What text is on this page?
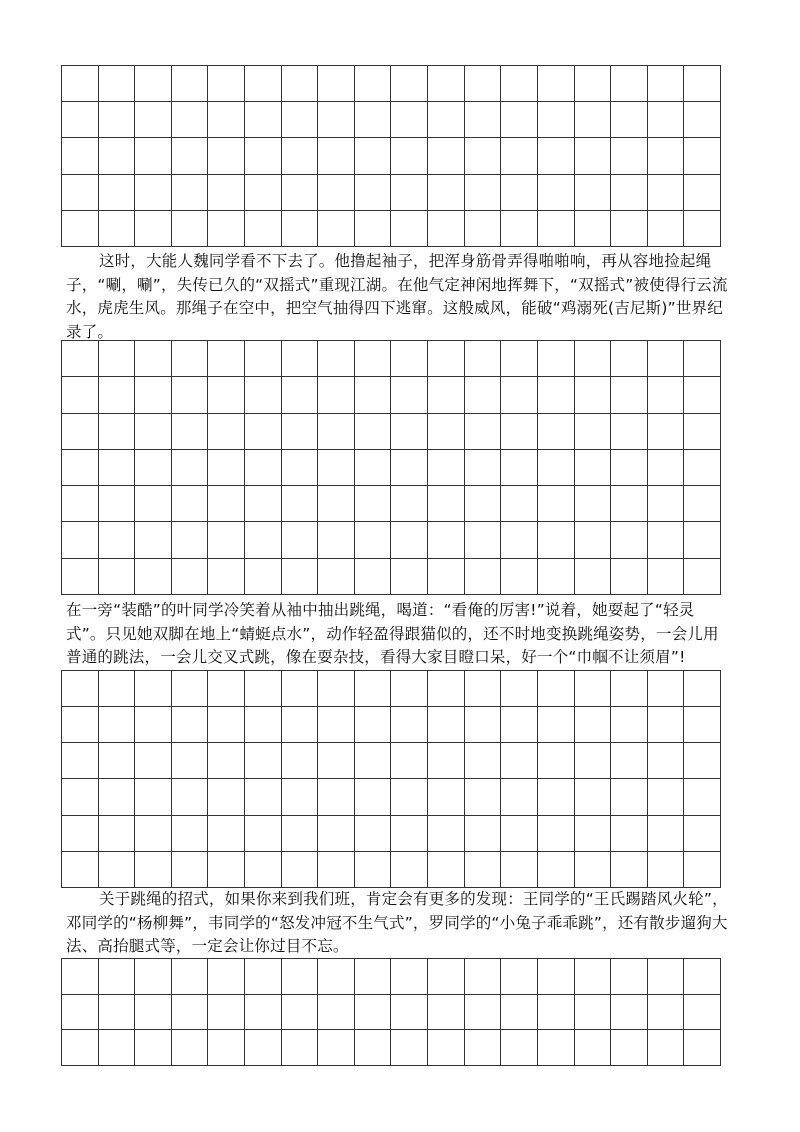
这时，大能人魏同学看不下去了。他撸起袖子，把浑身筋骨弄得啪啪响，再从容地捡起绳子，“唰，唰”，失传已久的“双摇式”重现江湖。在他气定神闲地挥舞下，“双摇式”被使得行云流水，虎虎生风。那绳子在空中，把空气抽得四下逃窜。这般威风，能破“鸡溺死(吉尼斯)”世界纪录了。

在一旁“装酷”的叶同学冷笑着从袖中抽出跳绳，喝道：“看俺的厉害!”说着，她耍起了“轻灵式”。只见她双脚在地上“蜻蜓点水”，动作轻盈得跟猫似的，还不时地变换跳绳姿势，一会儿用普通的跳法，一会儿交叉式跳，像在耍杂技，看得大家目瞪口呆，好一个“巾帼不让须眉”!

关于跳绳的招式，如果你来到我们班，肯定会有更多的发现：王同学的“王氏踢踏风火轮”，邓同学的“杨柳舞”，韦同学的“怒发冲冠不生气式”，罗同学的“小兔子乖乖跳”，还有散步遛狗大法、高抬腿式等，一定会让你过目不忘。
